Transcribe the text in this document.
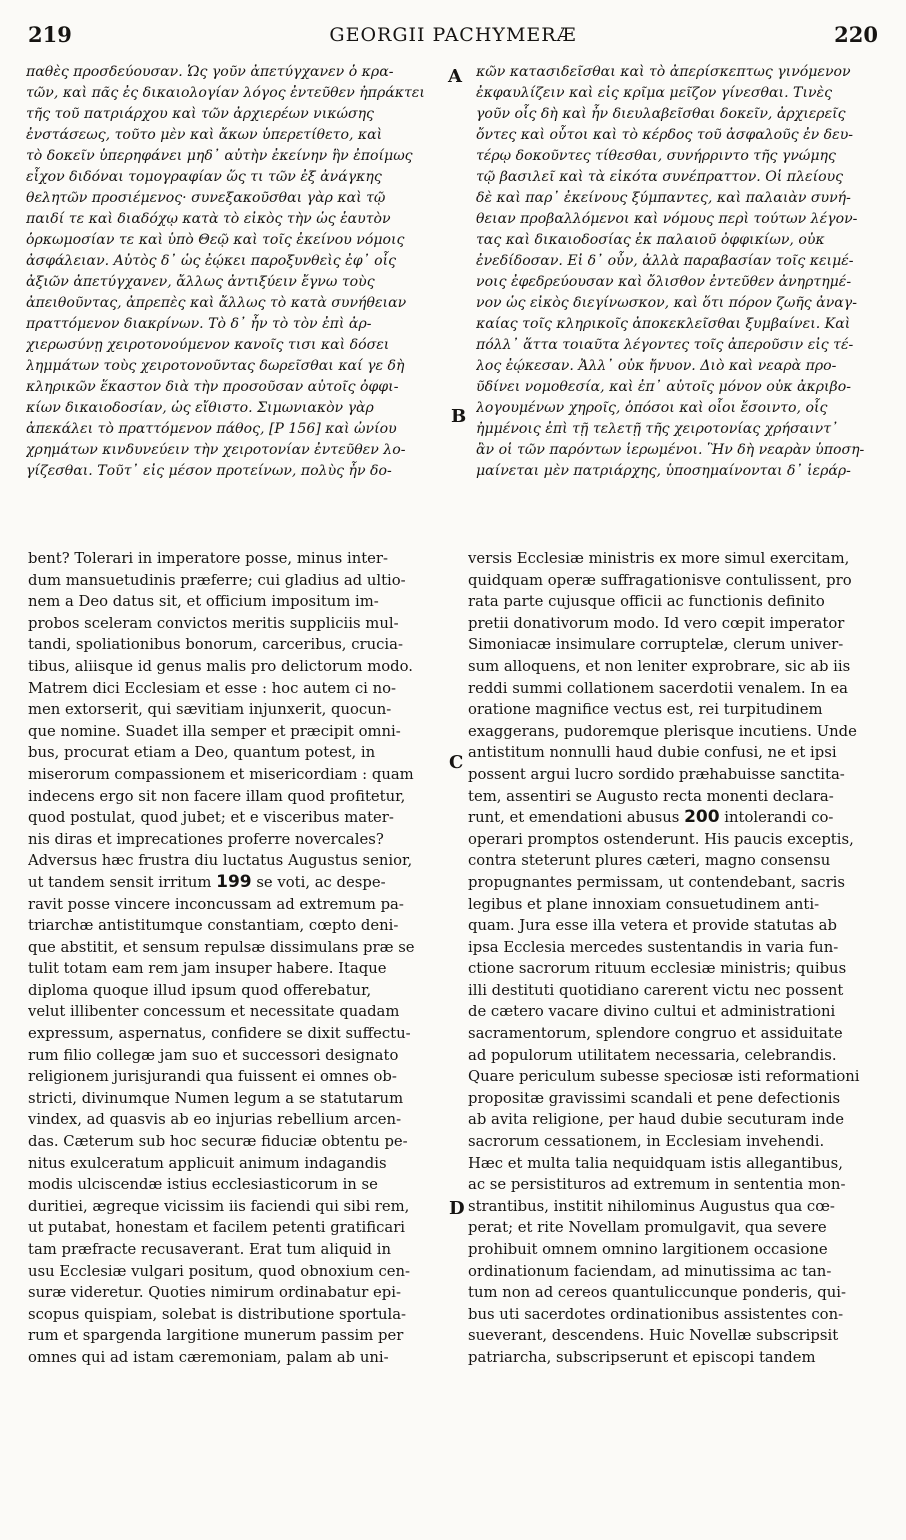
219	GEORGII PACHYMERÆ	220
παθὲς προσδεύουσαν. Ὡς γοῦν ἀπετύγχανεν ὁ κρα-
τῶν, καὶ πᾶς ἐς δικαιολογίαν λόγος ἐντεῦθεν ἠπράκτει
τῆς τοῦ πατριάρχου καὶ τῶν ἀρχιερέων νικώσης
ἐνστάσεως, τοῦτο μὲν καὶ ἄκων ὑπερετίθετο, καὶ
τὸ δοκεῖν ὑπερηφάνει μηδ᾽ αὐτὴν ἐκείνην ἣν ἐποίμως
εἶχον διδόναι τομογραφίαν ὥς τι τῶν ἐξ ἀνάγκης
θελητῶν προσιέμενος· συνεξακοῦσθαι γὰρ καὶ τῷ
παιδί τε καὶ διαδόχῳ κατὰ τὸ εἰκὸς τὴν ὡς ἑαυτὸν
ὁρκωμοσίαν τε καὶ ὑπὸ Θεῷ καὶ τοῖς ἐκείνου νόμοις
ἀσφάλειαν. Αὐτὸς δ᾽ ὡς ἐῴκει παροξυνθεὶς ἐφ᾽ οἷς
ἀξιῶν ἀπετύγχανεν, ἄλλως ἀντιξύειν ἔγνω τοὺς
ἀπειθοῦντας, ἀπρεπὲς καὶ ἄλλως τὸ κατὰ συνήθειαν
πραττόμενον διακρίνων. Τὸ δ᾽ ἦν τὸ τὸν ἐπὶ ἀρ-
χιερωσύνῃ χειροτονούμενον κανοῖς τισι καὶ δόσει
λημμάτων τοὺς χειροτονοῦντας δωρεῖσθαι καί γε δὴ
κληρικῶν ἕκαστον διὰ τὴν προσοῦσαν αὐτοῖς ὀφφι-
κίων δικαιοδοσίαν, ὡς εἴθιστο. Σιμωνιακὸν γὰρ
ἀπεκάλει τὸ πραττόμενον πάθος, [P 156] καὶ ὠνίου
χρημάτων κινδυνεύειν τὴν χειροτονίαν ἐντεῦθεν λο-
γίζεσθαι. Τοῦτ᾽ εἰς μέσον προτείνων, πολὺς ἦν δο-
κῶν κατασιδεῖσθαι καὶ τὸ ἀπερίσκεπτως γινόμενον
ἐκφαυλίζειν καὶ εἰς κρῖμα μεῖζον γίνεσθαι. Τινὲς
γοῦν οἷς δὴ καὶ ἦν διευλαβεῖσθαι δοκεῖν, ἀρχιερεῖς
ὄντες καὶ οὗτοι καὶ τὸ κέρδος τοῦ ἀσφαλοῦς ἐν δευ-
τέρῳ δοκοῦντες τίθεσθαι, συνήρριντο τῆς γνώμης
τῷ βασιλεῖ καὶ τὰ εἰκότα συνέπραττον. Οἱ πλείους
δὲ καὶ παρ᾽ ἐκείνους ξύμπαντες, καὶ παλαιὰν συνή-
θειαν προβαλλόμενοι καὶ νόμους περὶ τούτων λέγον-
τας καὶ δικαιοδοσίας ἐκ παλαιοῦ ὀφφικίων, οὐκ
ἐνεδίδοσαν. Εἰ δ᾽ οὖν, ἀλλὰ παραβασίαν τοῖς κειμέ-
νοις ἐφεδρεύουσαν καὶ ὄλισθον ἐντεῦθεν ἀνηρτημέ-
νον ὡς εἰκὸς διεγίνωσκον, καὶ ὅτι πόρον ζωῆς ἀναγ-
καίας τοῖς κληρικοῖς ἀποκεκλεῖσθαι ξυμβαίνει. Καὶ
πόλλ᾽ ἅττα τοιαῦτα λέγοντες τοῖς ἀπεροῦσιν εἰς τέ-
λος ἐῴκεσαν. Ἀλλ᾽ οὐκ ἤνυον. Διὸ καὶ νεαρὰ προ-
ῦδίνει νομοθεσία, καὶ ἐπ᾽ αὐτοῖς μόνον οὐκ ἀκριβο-
λογουμένων χηροῖς, ὁπόσοι καὶ οἷοι ἔσοιντο, οἷς
ἠμμένοις ἐπὶ τῇ τελετῇ τῆς χειροτονίας χρήσαιντ᾽
ἂν οἱ τῶν παρόντων ἱερωμένοι. Ἣν δὴ νεαρὰν ὑποση-
μαίνεται μὲν πατριάρχης, ὑποσημαίνονται δ᾽ ἱεράρ-
bent? Tolerari in imperatore posse, minus inter-
dum mansuetudinis præferre; cui gladius ad ultio-
nem a Deo datus sit, et officium impositum im-
probos sceleram convictos meritis suppliciis mul-
tandi, spoliationibus bonorum, carceribus, crucia-
tibus, aliisque id genus malis pro delictorum modo.
Matrem dici Ecclesiam et esse : hoc autem ci no-
men extorserit, qui sævitiam injunxerit, quocun-
que nomine. Suadet illa semper et præcipit omni-
bus, procurat etiam a Deo, quantum potest, in
miserorum compassionem et misericordiam : quam
indecens ergo sit non facere illam quod profitetur,
quod postulat, quod jubet; et e visceribus mater-
nis diras et imprecationes proferre novercales?
Adversus hæc frustra diu luctatus Augustus senior,
ut tandem sensit irritum 199 se voti, ac despe-
ravit posse vincere inconcussam ad extremum pa-
triarchæ antistitumque constantiam, cœpto deni-
que abstitit, et sensum repulsæ dissimulans præ se
tulit totam eam rem jam insuper habere. Itaque
diploma quoque illud ipsum quod offerebatur,
velut illibenter concessum et necessitate quadam
expressum, aspernatus, confidere se dixit suffectu-
rum filio collegæ jam suo et successori designato
religionem jurisjurandi qua fuissent ei omnes ob-
stricti, divinumque Numen legum a se statutarum
vindex, ad quasvis ab eo injurias rebellium arcen-
das. Cæterum sub hoc securæ fiduciæ obtentu pe-
nitus exulceratum applicuit animum indagandis
modis ulciscendæ istius ecclesiasticorum in se
duritiei, ægreque vicissim iis faciendi qui sibi rem,
ut putabat, honestam et facilem petenti gratificari
tam præfracte recusaverant. Erat tum aliquid in
usu Ecclesiæ vulgari positum, quod obnoxium cen-
suræ videretur. Quoties nimirum ordinabatur epi-
scopus quispiam, solebat is distributione sportula-
rum et spargenda largitione munerum passim per
omnes qui ad istam cæremoniam, palam ab uni-
versis Ecclesiæ ministris ex more simul exercitam,
quidquam operæ suffragationisve contulissent, pro
rata parte cujusque officii ac functionis definito
pretii donativorum modo. Id vero cœpit imperator
Simoniacæ insimulare corruptelæ, clerum univer-
sum alloquens, et non leniter exprobrare, sic ab iis
reddi summi collationem sacerdotii venalem. In ea
oratione magnifice vectus est, rei turpitudinem
exaggerans, pudoremque plerisque incutiens. Unde
antistitum nonnulli haud dubie confusi, ne et ipsi
possent argui lucro sordido præhabuisse sanctita-
tem, assentiri se Augusto recta monenti declara-
runt, et emendationi abusus 200 intolerandi co-
operari promptos ostenderunt. His paucis exceptis,
contra steterunt plures cæteri, magno consensu
propugnantes permissam, ut contendebant, sacris
legibus et plane innoxiam consuetudinem anti-
quam. Jura esse illa vetera et provide statutas ab
ipsa Ecclesia mercedes sustentandis in varia fun-
ctione sacrorum rituum ecclesiæ ministris; quibus
illi destituti quotidiano carerent victu nec possent
de cætero vacare divino cultui et administrationi
sacramentorum, splendore congruo et assiduitate
ad populorum utilitatem necessaria, celebrandis.
Quare periculum subesse speciosæ isti reformationi
propositæ gravissimi scandali et pene defectionis
ab avita religione, per haud dubie secuturam inde
sacrorum cessationem, in Ecclesiam invehendi.
Hæc et multa talia nequidquam istis allegantibus,
ac se persistituros ad extremum in sententia mon-
strantibus, institit nihilominus Augustus qua cœ-
perat; et rite Novellam promulgavit, qua severe
prohibuit omnem omnino largitionem occasione
ordinationum faciendam, ad minutissima ac tan-
tum non ad cereos quantuliccunque ponderis, qui-
bus uti sacerdotes ordinationibus assistentes con-
sueverant, descendens. Huic Novellæ subscripsit
patriarcha, subscripserunt et episcopi tandem
A
B
C
D
